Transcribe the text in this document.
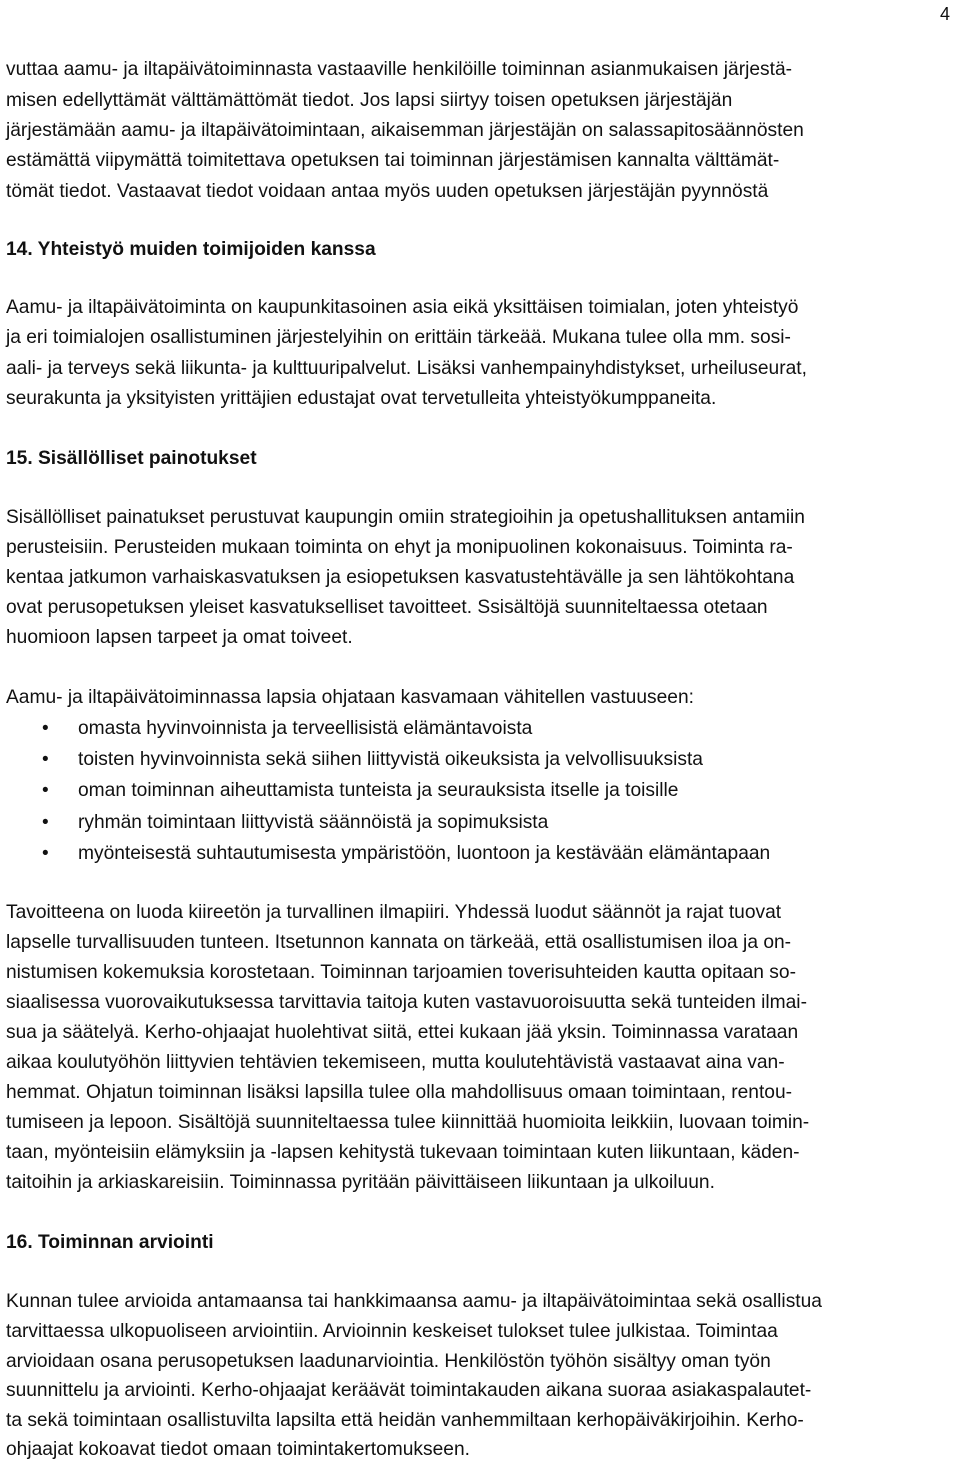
4
vuttaa aamu- ja iltapäivätoiminnasta vastaaville henkilöille toiminnan asianmukaisen järjestä-
misen edellyttämät välttämättömät tiedot. Jos lapsi siirtyy toisen opetuksen järjestäjän
järjestämään aamu- ja iltapäivätoimintaan, aikaisemman järjestäjän on salassapitosäännösten
estämättä viipymättä toimitettava opetuksen tai toiminnan järjestämisen kannalta välttämät-
tömät tiedot. Vastaavat tiedot voidaan antaa myös uuden opetuksen järjestäjän pyynnöstä
14. Yhteistyö muiden toimijoiden kanssa
Aamu- ja iltapäivätoiminta on kaupunkitasoinen asia eikä yksittäisen toimialan, joten yhteistyö
ja eri toimialojen osallistuminen järjestelyihin on erittäin tärkeää. Mukana tulee olla mm. sosi-
aali- ja terveys sekä liikunta- ja kulttuuripalvelut. Lisäksi vanhempainyhdistykset, urheiluseurat,
seurakunta ja yksityisten yrittäjien edustajat ovat tervetulleita yhteistyökumppaneita.
15. Sisällölliset painotukset
Sisällölliset painatukset perustuvat kaupungin omiin strategioihin ja opetushallituksen antamiin
perusteisiin. Perusteiden mukaan toiminta on ehyt ja monipuolinen kokonaisuus. Toiminta ra-
kentaa jatkumon varhaiskasvatuksen ja esiopetuksen kasvatustehtävälle ja sen lähtökohtana
ovat perusopetuksen yleiset kasvatukselliset tavoitteet. Ssisältöjä suunniteltaessa otetaan
huomioon lapsen tarpeet ja omat toiveet.
Aamu- ja iltapäivätoiminnassa lapsia ohjataan kasvamaan vähitellen vastuuseen:
• omasta hyvinvoinnista ja terveellisistä elämäntavoista
• toisten hyvinvoinnista sekä siihen liittyvistä oikeuksista ja velvollisuuksista
• oman toiminnan aiheuttamista tunteista ja seurauksista itselle ja toisille
• ryhmän toimintaan liittyvistä säännöistä ja sopimuksista
• myönteisestä suhtautumisesta ympäristöön, luontoon ja kestävään elämäntapaan
Tavoitteena on luoda kiireetön ja turvallinen ilmapiiri. Yhdessä luodut säännöt ja rajat tuovat
lapselle turvallisuuden tunteen. Itsetunnon kannata on tärkeää, että osallistumisen iloa ja on-
nistumisen kokemuksia korostetaan. Toiminnan tarjoamien toverisuhteiden kautta opitaan so-
siaalisessa vuorovaikutuksessa tarvittavia taitoja kuten vastavuoroisuutta sekä tunteiden ilmai-
sua ja säätelyä. Kerho-ohjaajat huolehtivat siitä, ettei kukaan jää yksin. Toiminnassa varataan
aikaa koulutyöhön liittyvien tehtävien tekemiseen, mutta koulutehtävistä vastaavat aina van-
hemmat. Ohjatun toiminnan lisäksi lapsilla tulee olla mahdollisuus omaan toimintaan, rentou-
tumiseen ja lepoon. Sisältöjä suunniteltaessa tulee kiinnittää huomioita leikkiin, luovaan toimin-
taan, myönteisiin elämyksiin ja -lapsen kehitystä tukevaan toimintaan kuten liikuntaan, käden-
taitoihin ja arkiaskareisiin. Toiminnassa pyritään päivittäiseen liikuntaan ja ulkoiluun.
16. Toiminnan arviointi
Kunnan tulee arvioida antamaansa tai hankkimaansa aamu- ja iltapäivätoimintaa sekä osallistua
tarvittaessa ulkopuoliseen arviointiin. Arvioinnin keskeiset tulokset tulee julkistaa. Toimintaa
arvioidaan osana perusopetuksen laadunarviointia. Henkilöstön työhön sisältyy oman työn
suunnittelu ja arviointi. Kerho-ohjaajat keräävät toimintakauden aikana suoraa asiakaspalautet-
ta sekä toimintaan osallistuvilta lapsilta että heidän vanhemmiltaan kerhopäiväkirjoihin. Kerho-
ohjaajat kokoavat tiedot omaan toimintakertomukseen.
